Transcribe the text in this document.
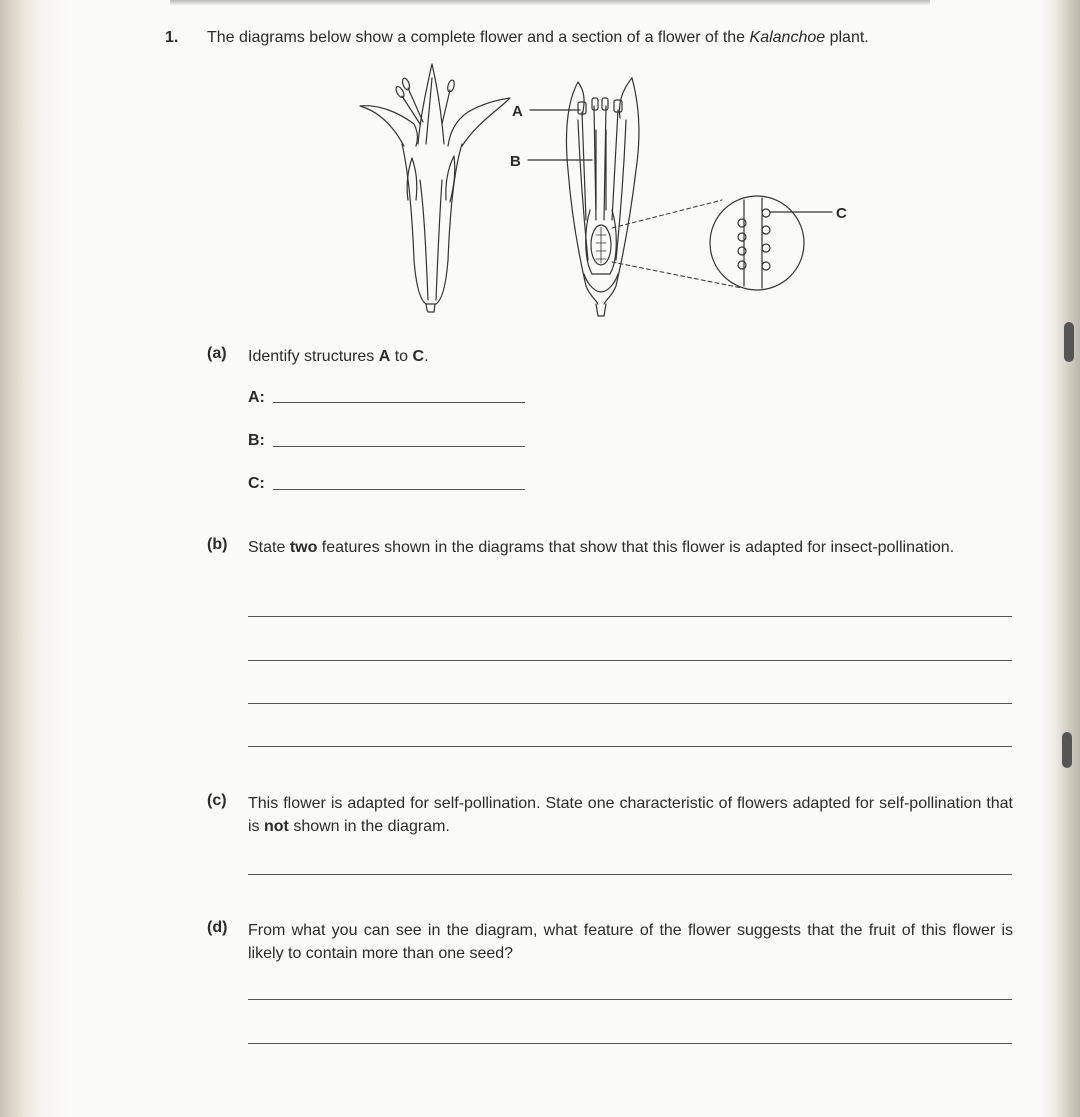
1. The diagrams below show a complete flower and a section of a flower of the Kalanchoe plant.
A
B
C
(a) Identify structures A to C.
A:
B:
C:
(b) State two features shown in the diagrams that show that this flower is adapted for insect-pollination.
(c) This flower is adapted for self-pollination. State one characteristic of flowers adapted for self-pollination that is not shown in the diagram.
(d) From what you can see in the diagram, what feature of the flower suggests that the fruit of this flower is likely to contain more than one seed?
